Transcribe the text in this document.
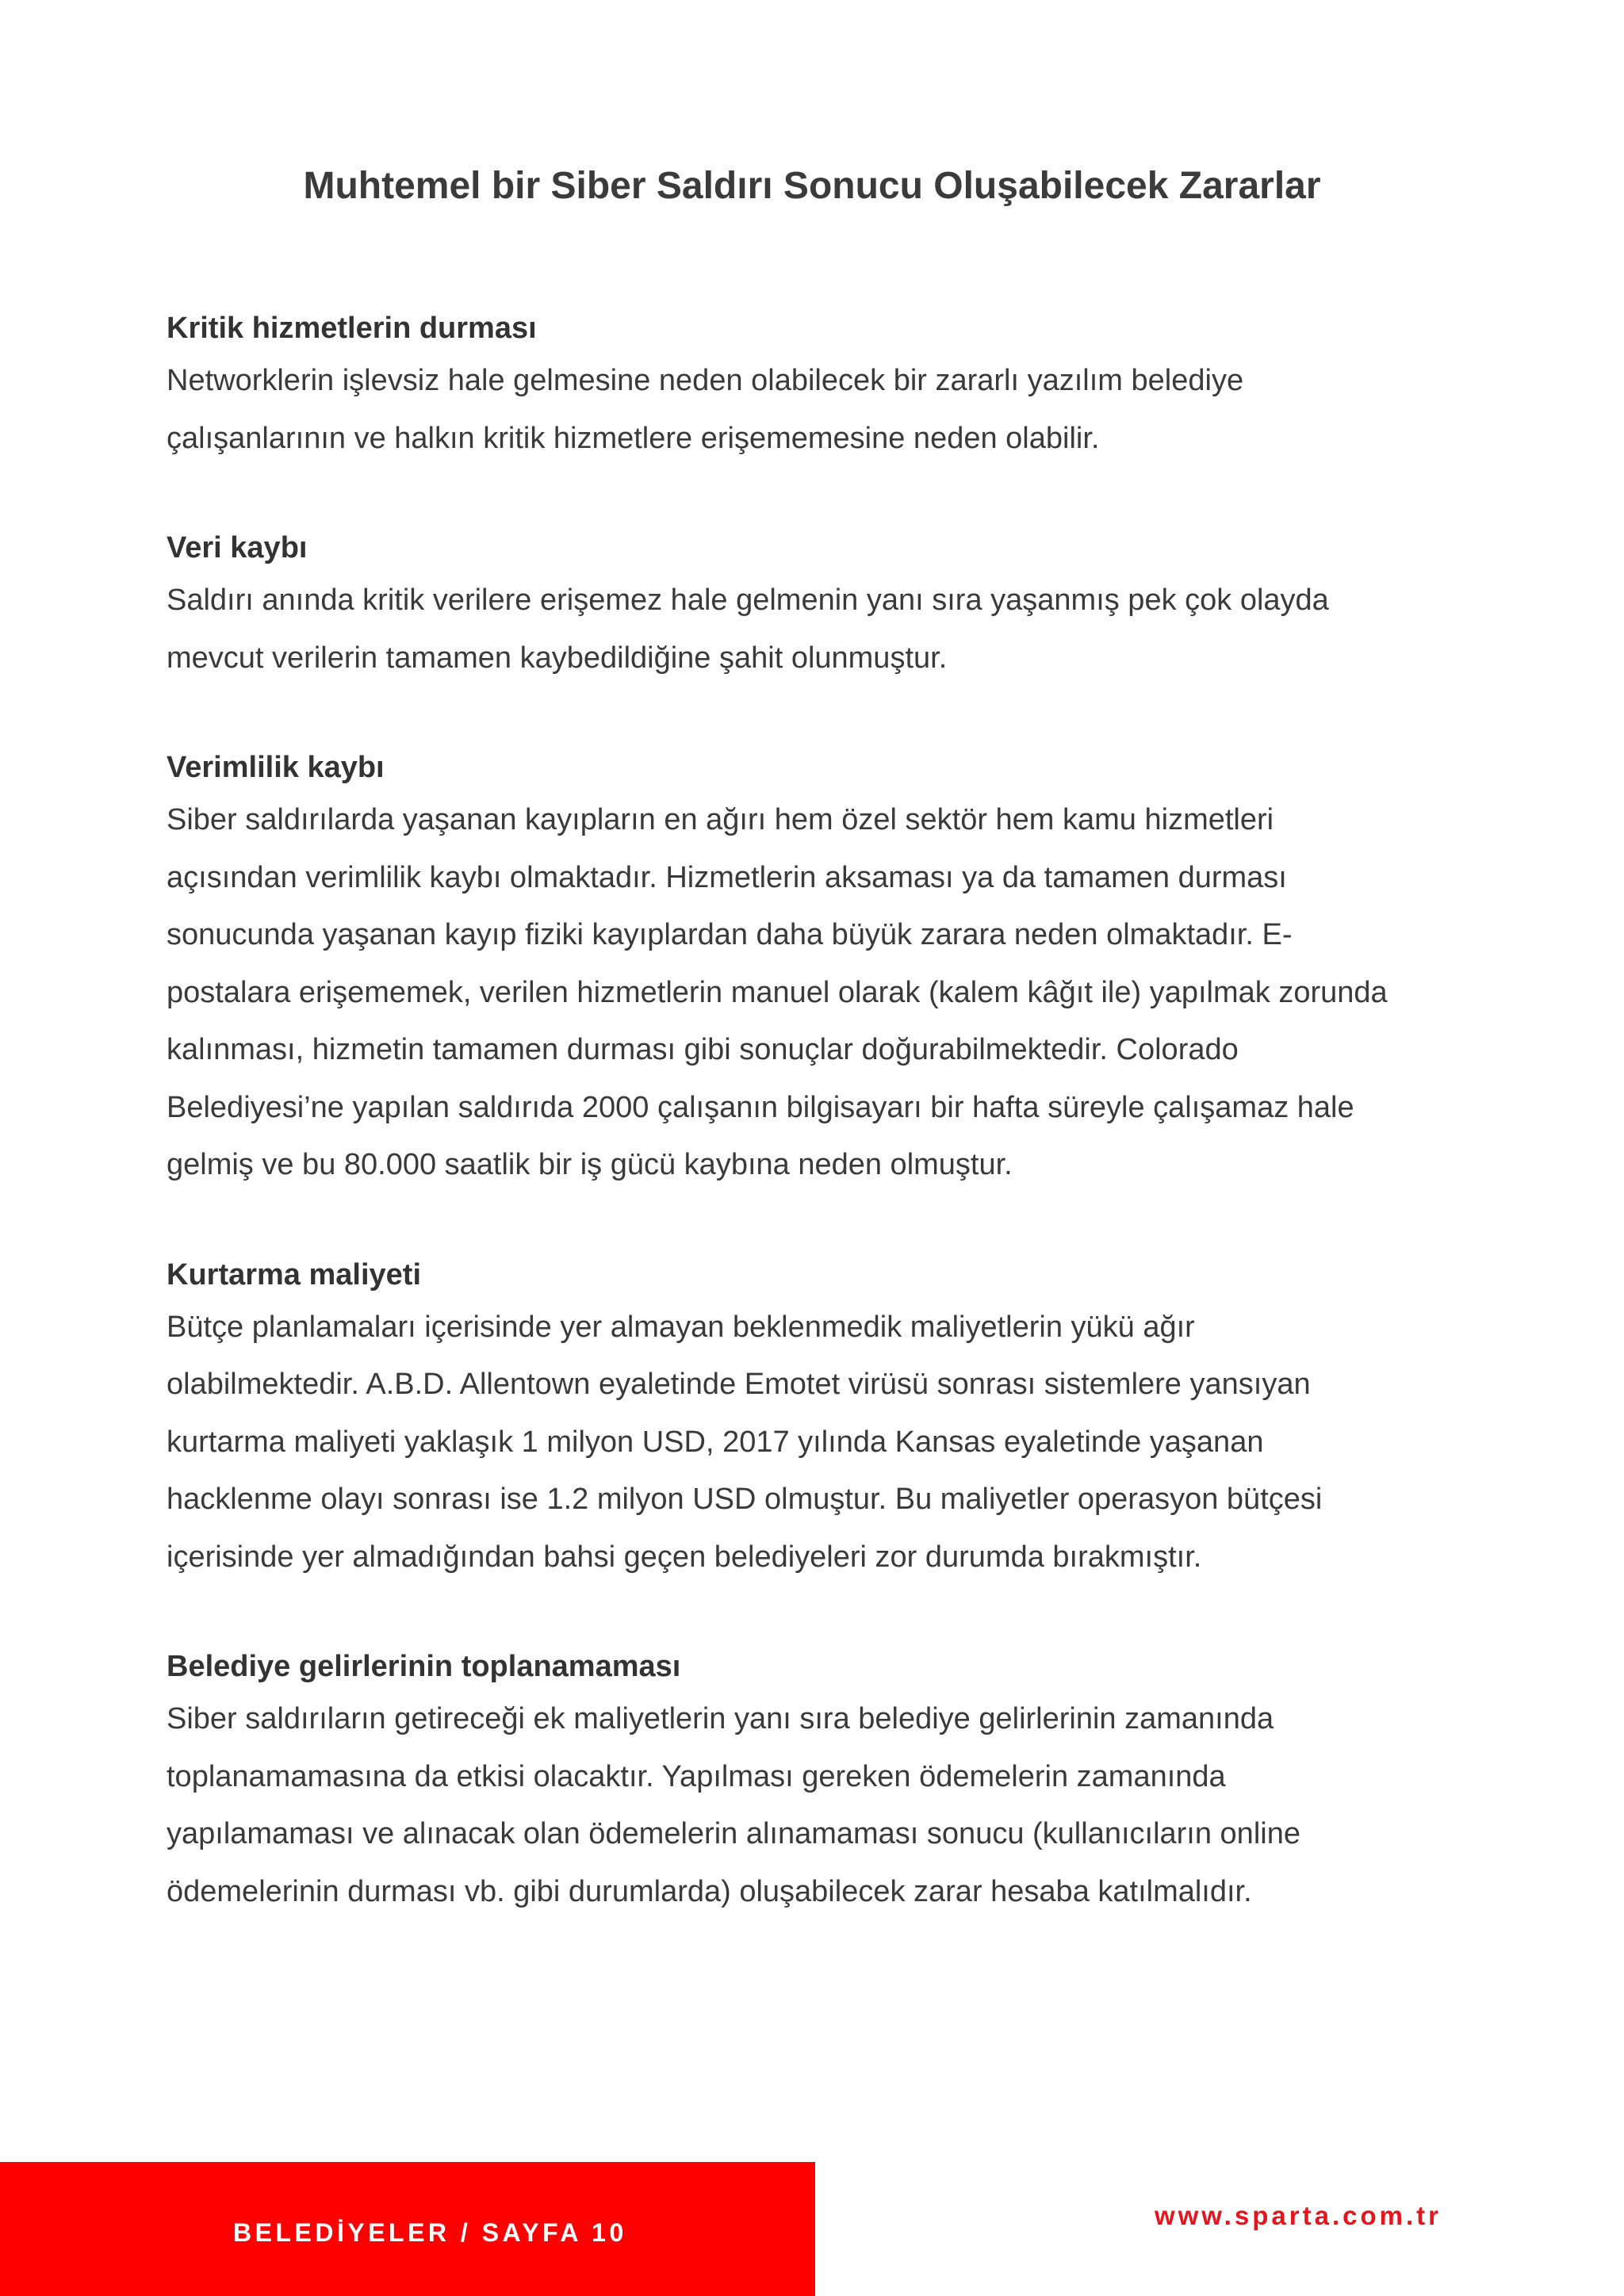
Muhtemel bir Siber Saldırı Sonucu Oluşabilecek Zararlar
Kritik hizmetlerin durması
Networklerin işlevsiz hale gelmesine neden olabilecek bir zararlı yazılım belediye
çalışanlarının ve halkın kritik hizmetlere erişememesine neden olabilir.
Veri kaybı
Saldırı anında kritik verilere erişemez hale gelmenin yanı sıra yaşanmış pek çok olayda
mevcut verilerin tamamen kaybedildiğine şahit olunmuştur.
Verimlilik kaybı
Siber saldırılarda yaşanan kayıpların en ağırı hem özel sektör hem kamu hizmetleri
açısından verimlilik kaybı olmaktadır. Hizmetlerin aksaması ya da tamamen durması
sonucunda yaşanan kayıp fiziki kayıplardan daha büyük zarara neden olmaktadır. E-
postalara erişememek, verilen hizmetlerin manuel olarak (kalem kâğıt ile) yapılmak zorunda
kalınması, hizmetin tamamen durması gibi sonuçlar doğurabilmektedir. Colorado
Belediyesi’ne yapılan saldırıda 2000 çalışanın bilgisayarı bir hafta süreyle çalışamaz hale
gelmiş ve bu 80.000 saatlik bir iş gücü kaybına neden olmuştur.
Kurtarma maliyeti
Bütçe planlamaları içerisinde yer almayan beklenmedik maliyetlerin yükü ağır
olabilmektedir. A.B.D. Allentown eyaletinde Emotet virüsü sonrası sistemlere yansıyan
kurtarma maliyeti yaklaşık 1 milyon USD, 2017 yılında Kansas eyaletinde yaşanan
hacklenme olayı sonrası ise 1.2 milyon USD olmuştur. Bu maliyetler operasyon bütçesi
içerisinde yer almadığından bahsi geçen belediyeleri zor durumda bırakmıştır.
Belediye gelirlerinin toplanamaması
Siber saldırıların getireceği ek maliyetlerin yanı sıra belediye gelirlerinin zamanında
toplanamamasına da etkisi olacaktır. Yapılması gereken ödemelerin zamanında
yapılamaması ve alınacak olan ödemelerin alınamaması sonucu (kullanıcıların online
ödemelerinin durması vb. gibi durumlarda) oluşabilecek zarar hesaba katılmalıdır.
BELEDİYELER / SAYFA 10
www.sparta.com.tr
